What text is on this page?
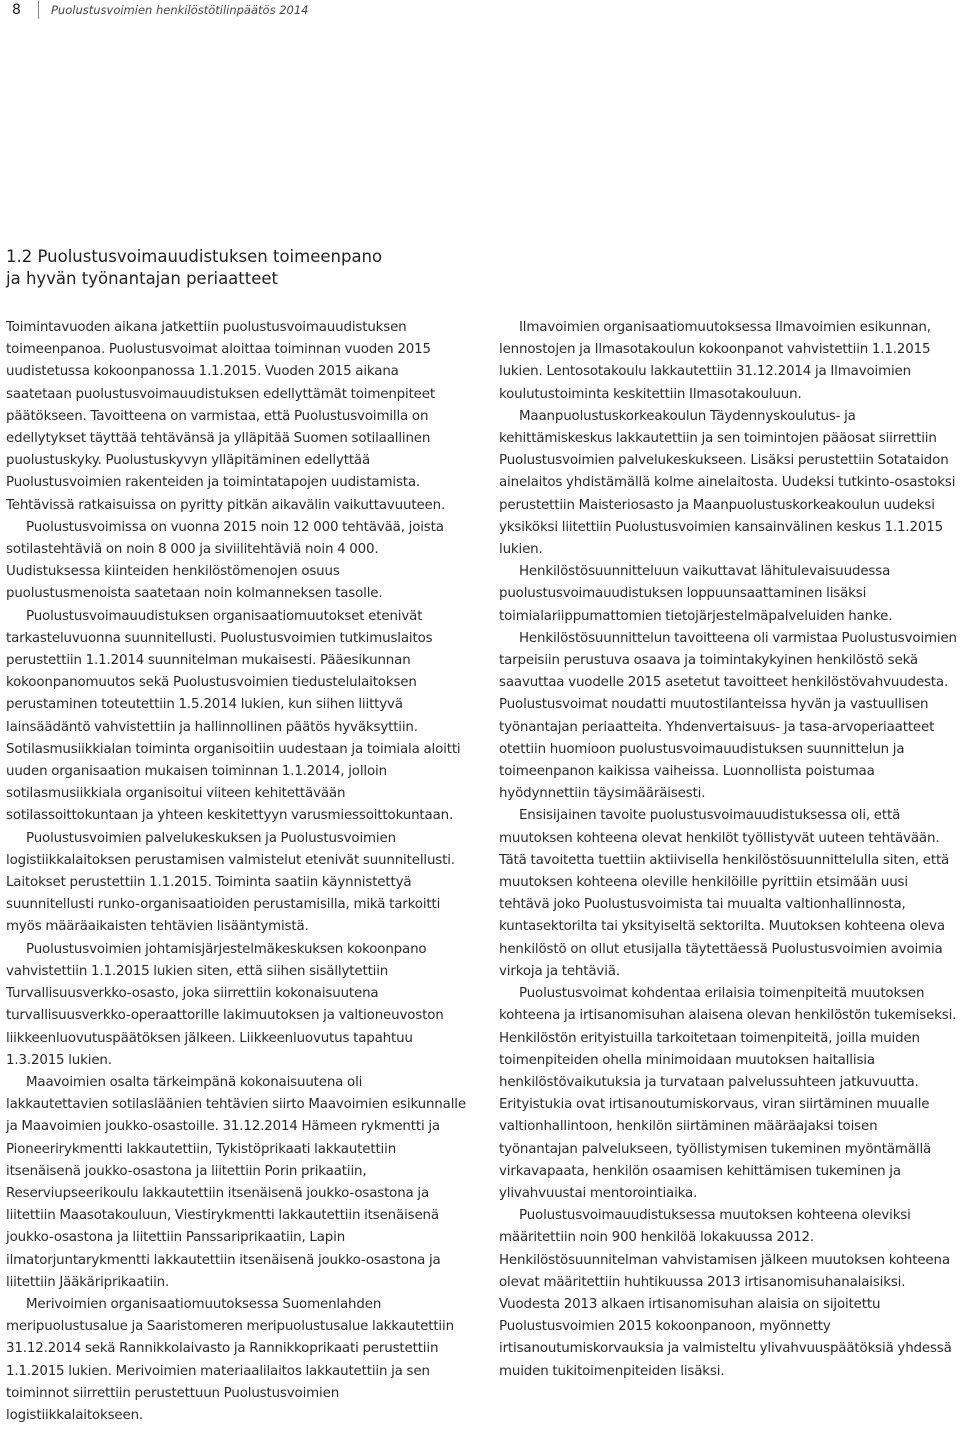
8	Puolustusvoimien henkilöstötilinpäätös 2014
1.2 Puolustusvoimauudistuksen toimeenpano
ja hyvän työnantajan periaatteet

Toimintavuoden aikana jatkettiin puolustusvoimauudistuksen toimeenpanoa. Puolustusvoimat aloittaa toiminnan vuoden 2015 uudistetussa kokoonpanossa 1.1.2015. Vuoden 2015 aikana saatetaan puolustusvoimauudistuksen edellyttämät toimenpiteet päätökseen. Tavoitteena on varmistaa, että Puolustusvoimilla on edellytykset täyttää tehtävänsä ja ylläpitää Suomen sotilaallinen puolustuskyky. Puolustuskyvyn ylläpitäminen edellyttää Puolustusvoimien rakenteiden ja toimintatapojen uudistamista. Tehtävissä ratkaisuissa on pyritty pitkän aikavälin vaikuttavuuteen.

Puolustusvoimissa on vuonna 2015 noin 12 000 tehtävää, joista sotilastehtäviä on noin 8 000 ja siviilitehtäviä noin 4 000. Uudistuksessa kiinteiden henkilöstömenojen osuus puolustusmenoista saatetaan noin kolmanneksen tasolle.

Puolustusvoimauudistuksen organisaatiomuutokset etenivät tarkasteluvuonna suunnitellusti. Puolustusvoimien tutkimuslaitos perustettiin 1.1.2014 suunnitelman mukaisesti. Pääesikunnan kokoonpanomuutos sekä Puolustusvoimien tiedustelulaitoksen perustaminen toteutettiin 1.5.2014 lukien, kun siihen liittyvä lainsäädäntö vahvistettiin ja hallinnollinen päätös hyväksyttiin. Sotilasmusiikkialan toiminta organisoitiin uudestaan ja toimiala aloitti uuden organisaation mukaisen toiminnan 1.1.2014, jolloin sotilasmusiikkiala organisoitui viiteen kehitettävään sotilassoittokuntaan ja yhteen keskitettyyn varusmiessoittokuntaan.

Puolustusvoimien palvelukeskuksen ja Puolustusvoimien logistiikkalaitoksen perustamisen valmistelut etenivät suunnitellusti. Laitokset perustettiin 1.1.2015. Toiminta saatiin käynnistettyä suunnitellusti runko-organisaatioiden perustamisilla, mikä tarkoitti myös määräaikaisten tehtävien lisääntymistä.

Puolustusvoimien johtamisjärjestelmäkeskuksen kokoonpano vahvistettiin 1.1.2015 lukien siten, että siihen sisällytettiin Turvallisuusverkko-osasto, joka siirrettiin kokonaisuutena turvallisuusverkko-operaattorille lakimuutoksen ja valtioneuvoston liikkeenluovutuspäätöksen jälkeen. Liikkeenluovutus tapahtuu 1.3.2015 lukien.

Maavoimien osalta tärkeimpänä kokonaisuutena oli lakkautettavien sotilasläänien tehtävien siirto Maavoimien esikunnalle ja Maavoimien joukko-osastoille. 31.12.2014 Hämeen rykmentti ja Pioneerirykmentti lakkautettiin, Tykistöprikaati lakkautettiin itsenäisenä joukko-osastona ja liitettiin Porin prikaatiin, Reserviupseerikoulu lakkautettiin itsenäisenä joukko-osastona ja liitettiin Maasotakouluun, Viestirykmentti lakkautettiin itsenäisenä joukko-osastona ja liitettiin Panssariprikaatiin, Lapin ilmatorjuntarykmentti lakkautettiin itsenäisenä joukko-osastona ja liitettiin Jääkäriprikaatiin.

Merivoimien organisaatiomuutoksessa Suomenlahden meripuolustusalue ja Saaristomeren meripuolustusalue lakkautettiin 31.12.2014 sekä Rannikkolaivasto ja Rannikkoprikaati perustettiin 1.1.2015 lukien. Merivoimien materiaalilaitos lakkautettiin ja sen toiminnot siirrettiin perustettuun Puolustusvoimien logistiikkalaitokseen.

Ilmavoimien organisaatiomuutoksessa Ilmavoimien esikunnan, lennostojen ja Ilmasotakoulun kokoonpanot vahvistettiin 1.1.2015 lukien. Lentosotakoulu lakkautettiin 31.12.2014 ja Ilmavoimien koulutustoiminta keskitettiin Ilmasotakouluun.

Maanpuolustuskorkeakoulun Täydennyskoulutus- ja kehittämiskeskus lakkautettiin ja sen toimintojen pääosat siirrettiin Puolustusvoimien palvelukeskukseen. Lisäksi perustettiin Sotataidon ainelaitos yhdistämällä kolme ainelaitosta. Uudeksi tutkinto-osastoksi perustettiin Maisteriosasto ja Maanpuolustuskorkeakoulun uudeksi yksiköksi liitettiin Puolustusvoimien kansainvälinen keskus 1.1.2015 lukien.

Henkilöstösuunnitteluun vaikuttavat lähitulevaisuudessa puolustusvoimauudistuksen loppuunsaattaminen lisäksi toimialariippumattomien tietojärjestelmäpalveluiden hanke.

Henkilöstösuunnittelun tavoitteena oli varmistaa Puolustusvoimien tarpeisiin perustuva osaava ja toimintakykyinen henkilöstö sekä saavuttaa vuodelle 2015 asetetut tavoitteet henkilöstövahvuudesta. Puolustusvoimat noudatti muutostilanteissa hyvän ja vastuullisen työnantajan periaatteita. Yhdenvertaisuus- ja tasa-arvoperiaatteet otettiin huomioon puolustusvoimauudistuksen suunnittelun ja toimeenpanon kaikissa vaiheissa. Luonnollista poistumaa hyödynnettiin täysimääräisesti.

Ensisijainen tavoite puolustusvoimauudistuksessa oli, että muutoksen kohteena olevat henkilöt työllistyvät uuteen tehtävään. Tätä tavoitetta tuettiin aktiivisella henkilöstösuunnittelulla siten, että muutoksen kohteena oleville henkilöille pyrittiin etsimään uusi tehtävä joko Puolustusvoimista tai muualta valtionhallinnosta, kuntasektorilta tai yksityiseltä sektorilta. Muutoksen kohteena oleva henkilöstö on ollut etusijalla täytettäessä Puolustusvoimien avoimia virkoja ja tehtäviä.

Puolustusvoimat kohdentaa erilaisia toimenpiteitä muutoksen kohteena ja irtisanomisuhan alaisena olevan henkilöstön tukemiseksi. Henkilöstön erityistuilla tarkoitetaan toimenpiteitä, joilla muiden toimenpiteiden ohella minimoidaan muutoksen haitallisia henkilöstövaikutuksia ja turvataan palvelussuhteen jatkuvuutta. Erityistukia ovat irtisanoutumiskorvaus, viran siirtäminen muualle valtionhallintoon, henkilön siirtäminen määräajaksi toisen työnantajan palvelukseen, työllistymisen tukeminen myöntämällä virkavapaata, henkilön osaamisen kehittämisen tukeminen ja ylivahvuustai mentorointiaika.

Puolustusvoimauudistuksessa muutoksen kohteena oleviksi määritettiin noin 900 henkilöä lokakuussa 2012. Henkilöstösuunnitelman vahvistamisen jälkeen muutoksen kohteena olevat määritettiin huhtikuussa 2013 irtisanomisuhanalaisiksi. Vuodesta 2013 alkaen irtisanomisuhan alaisia on sijoitettu Puolustusvoimien 2015 kokoonpanoon, myönnetty irtisanoutumiskorvauksia ja valmisteltu ylivahvuuspäätöksiä yhdessä muiden tukitoimenpiteiden lisäksi.
